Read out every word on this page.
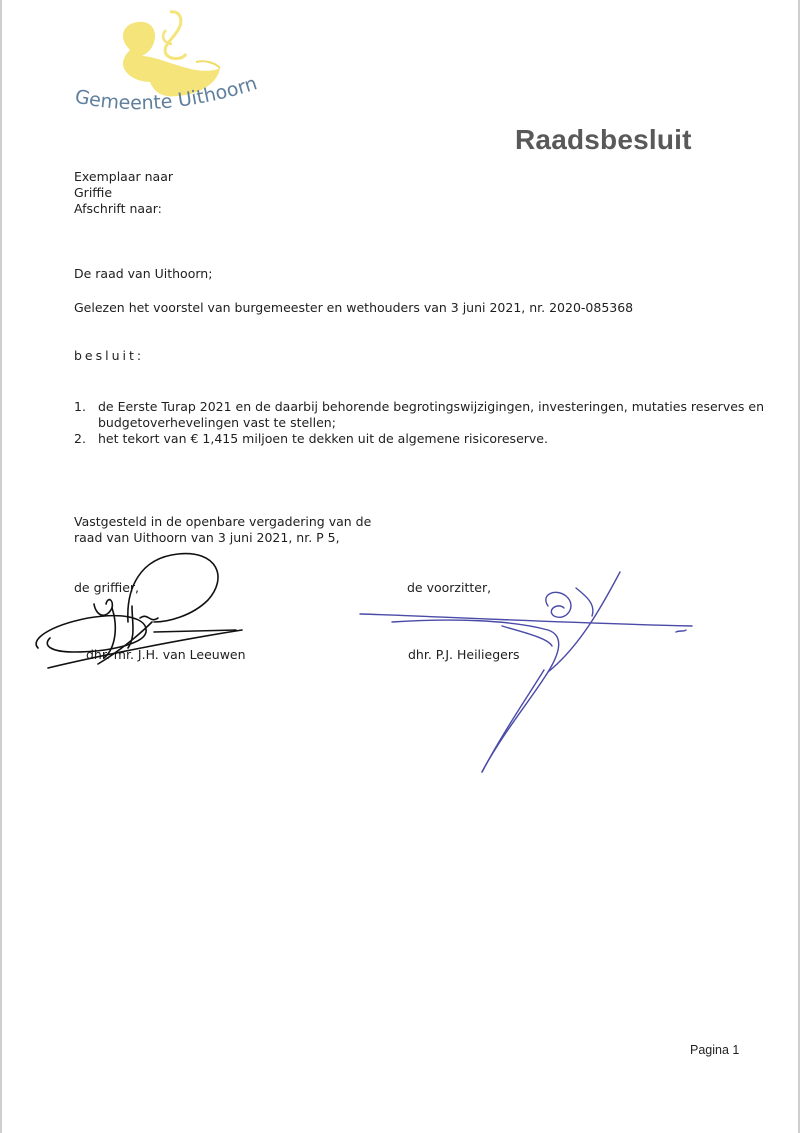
Gemeente Uithoorn
Raadsbesluit
Exemplaar naar
Griffie
Afschrift naar:
De raad van Uithoorn;
Gelezen het voorstel van burgemeester en wethouders van 3 juni 2021, nr. 2020-085368
besluit:
1. de Eerste Turap 2021 en de daarbij behorende begrotingswijzigingen, investeringen, mutaties reserves en
budgetoverhevelingen vast te stellen;
2. het tekort van € 1,415 miljoen te dekken uit de algemene risicoreserve.
Vastgesteld in de openbare vergadering van de
raad van Uithoorn van 3 juni 2021, nr. P 5,
de griffier,	de voorzitter,
dhr. mr. J.H. van Leeuwen	dhr. P.J. Heiliegers
Pagina 1
